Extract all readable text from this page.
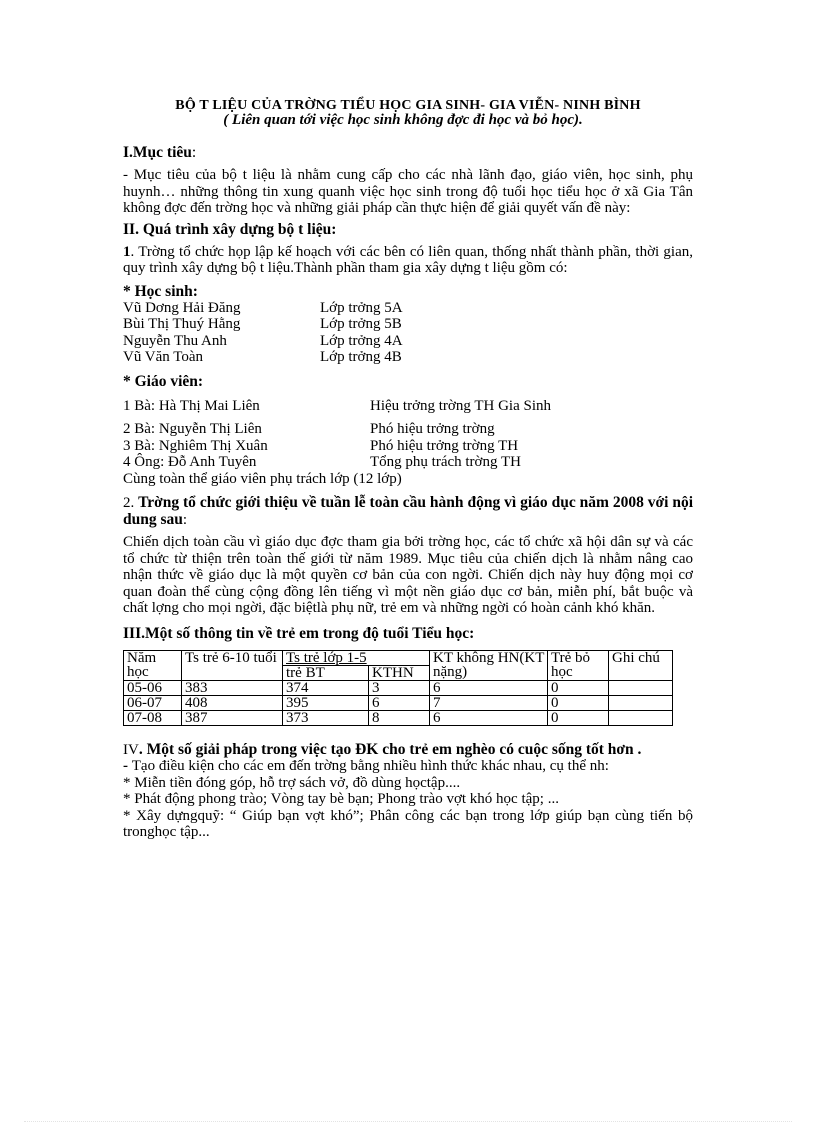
BỘ T LIỆU CỦA TRỜNG TIỂU HỌC GIA SINH- GIA VIỄN- NINH BÌNH
( Liên quan tới việc học sinh không đợc đi học và bỏ học).
I.Mục tiêu:

- Mục tiêu của bộ t liệu là nhằm cung cấp cho các nhà lãnh đạo, giáo viên, học sinh, phụ huynh… những thông tin xung quanh việc học sinh trong độ tuổi học tiểu học ở xã Gia Tân không đợc đến trờng học và những giải pháp cần thực hiện để giải quyết vấn đề này:

II. Quá trình xây dựng bộ t liệu:

1. Trờng tổ chức họp lập kế hoạch với các bên có liên quan, thống nhất thành phần, thời gian, quy trình xây dựng bộ t liệu.Thành phần tham gia xây dựng t liệu gồm có:

* Học sinh:
Vũ Dơng Hải Đăng	Lớp trởng 5A
Bùi Thị Thuý Hằng	Lớp trởng 5B
Nguyễn Thu Anh	Lớp trởng 4A
Vũ Văn Toàn	Lớp trởng 4B
* Giáo viên:
1 Bà: Hà Thị Mai Liên	Hiệu trởng trờng TH Gia Sinh
2 Bà: Nguyễn Thị Liên	Phó hiệu trởng trờng
3 Bà: Nghiêm Thị Xuân	Phó hiệu trởng trờng TH
4 Ông: Đỗ Anh Tuyên	Tổng phụ trách trờng TH
Cùng toàn thể giáo viên phụ trách lớp (12 lớp)

2. Trờng tổ chức giới thiệu về tuần lễ toàn cầu hành động vì giáo dục năm 2008 với nội dung sau:

Chiến dịch toàn cầu vì giáo dục đợc tham gia bởi trờng học, các tổ chức xã hội dân sự và các tổ chức từ thiện trên toàn thế giới từ năm 1989. Mục tiêu của chiến dịch là nhằm nâng cao nhận thức về giáo dục là một quyền cơ bản của con ngời. Chiến dịch này huy động mọi cơ quan đoàn thể cùng cộng đồng lên tiếng vì một nền giáo dục cơ bản, miễn phí, bắt buộc và chất lợng cho mọi ngời, đặc biệtlà phụ nữ, trẻ em và những ngời có hoàn cảnh khó khăn.

III.Một số thông tin về trẻ em trong độ tuổi Tiểu học:
Năm học	Ts trẻ 6-10 tuổi	Ts trẻ lớp 1-5		KT không HN(KT nặng)	Trẻ bỏ học	Ghi chú
		trẻ BT	KTHN			
05-06	383	374	3	6	0	
06-07	408	395	6	7	0	
07-08	387	373	8	6	0	

IV. Một số giải pháp trong việc tạo ĐK cho trẻ em nghèo có cuộc sống tốt hơn .

- Tạo điều kiện cho các em đến trờng bằng nhiều hình thức khác nhau, cụ thể nh:

* Miễn tiền đóng góp, hỗ trợ sách vở, đồ dùng họctập....

* Phát động phong trào; Vòng tay bè bạn; Phong trào vợt khó học tập; ...

* Xây dựngquỹ: “ Giúp bạn vợt khó”; Phân công các bạn trong lớp giúp bạn cùng tiến bộ tronghọc tập...
